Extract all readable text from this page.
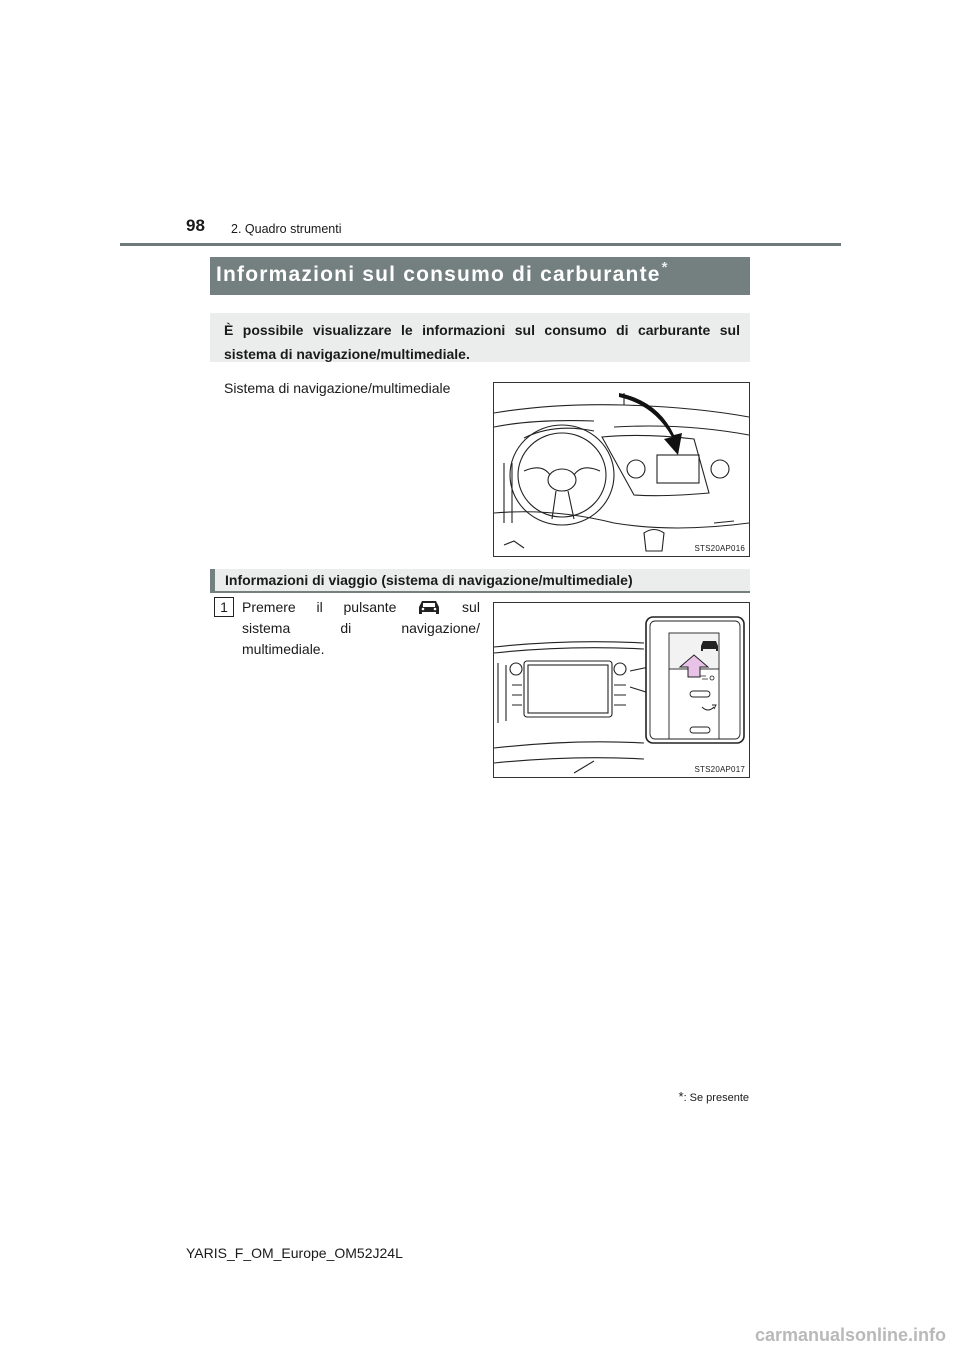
98 2. Quadro strumenti
Informazioni sul consumo di carburante*
È possibile visualizzare le informazioni sul consumo di carburante sul sistema di navigazione/multimediale.
Sistema di navigazione/multimediale
STS20AP016
Informazioni di viaggio (sistema di navigazione/multimediale)
1	Premere il pulsante	sul
sistema	di	navigazione/
multimediale.
STS20AP017
*: Se presente
YARIS_F_OM_Europe_OM52J24L
carmanualsonline.info
